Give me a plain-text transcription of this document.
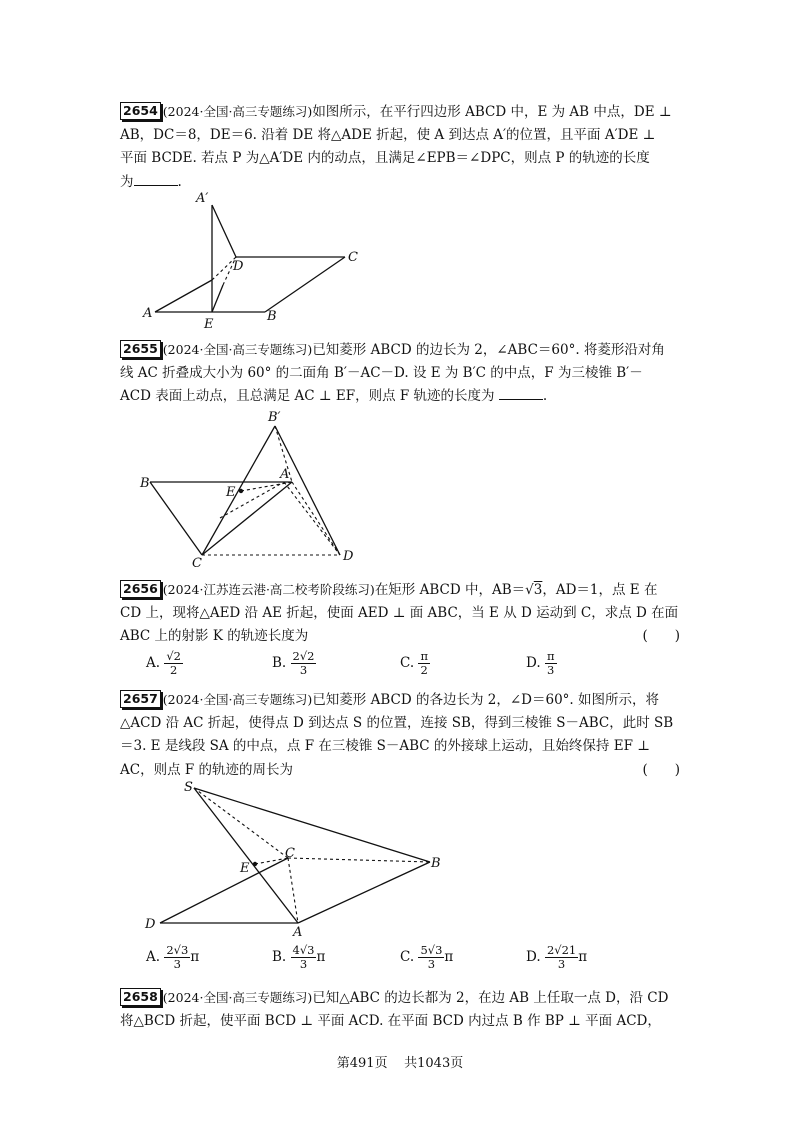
2654 (2024·全国·高三专题练习)如图所示，在平行四边形 ABCD 中，E 为 AB 中点，DE ⊥
AB，DC＝8，DE＝6. 沿着 DE 将△ADE 折起，使 A 到达点 A′的位置，且平面 A′DE ⊥
平面 BCDE. 若点 P 为△A′DE 内的动点，且满足∠EPB＝∠DPC，则点 P 的轨迹的长度
为	.
A′
D
C
A
E
B
2655 (2024·全国·高三专题练习)已知菱形 ABCD 的边长为 2，∠ABC＝60°. 将菱形沿对角
线 AC 折叠成大小为 60° 的二面角 B′－AC－D. 设 E 为 B′C 的中点，F 为三棱锥 B′－
ACD 表面上动点，且总满足 AC ⊥ EF，则点 F 轨迹的长度为	.
B′
A
B
E
C	D
2656 (2024·江苏连云港·高二校考阶段练习)在矩形 ABCD 中，AB＝√3，AD＝1，点 E 在
CD 上，现将△AED 沿 AE 折起，使面 AED ⊥ 面 ABC，当 E 从 D 运动到 C，求点 D 在面
ABC 上的射影 K 的轨迹长度为	(　　)
A. $\frac{√2}{2}$	B. $\frac{2√2}{3}$	C. $\frac{\pi}{2}$	D. $\frac{\pi}{3}$
2657 (2024·全国·高三专题练习)已知菱形 ABCD 的各边长为 2，∠D＝60°. 如图所示，将
△ACD 沿 AC 折起，使得点 D 到达点 S 的位置，连接 SB，得到三棱锥 S－ABC，此时 SB
＝3. E 是线段 SA 的中点，点 F 在三棱锥 S－ABC 的外接球上运动，且始终保持 EF ⊥
AC，则点 F 的轨迹的周长为	(　　)
S
C
B
E
D
A
A. $\frac{2√3}{3}$ π	B. $\frac{4√3}{3}$ π	C. $\frac{5√3}{3}$ π	D. $\frac{2√21}{3}$ π
2658 (2024·全国·高三专题练习)已知△ABC 的边长都为 2，在边 AB 上任取一点 D，沿 CD
将△BCD 折起，使平面 BCD ⊥ 平面 ACD. 在平面 BCD 内过点 B 作 BP ⊥ 平面 ACD，
第491页 共1043页
